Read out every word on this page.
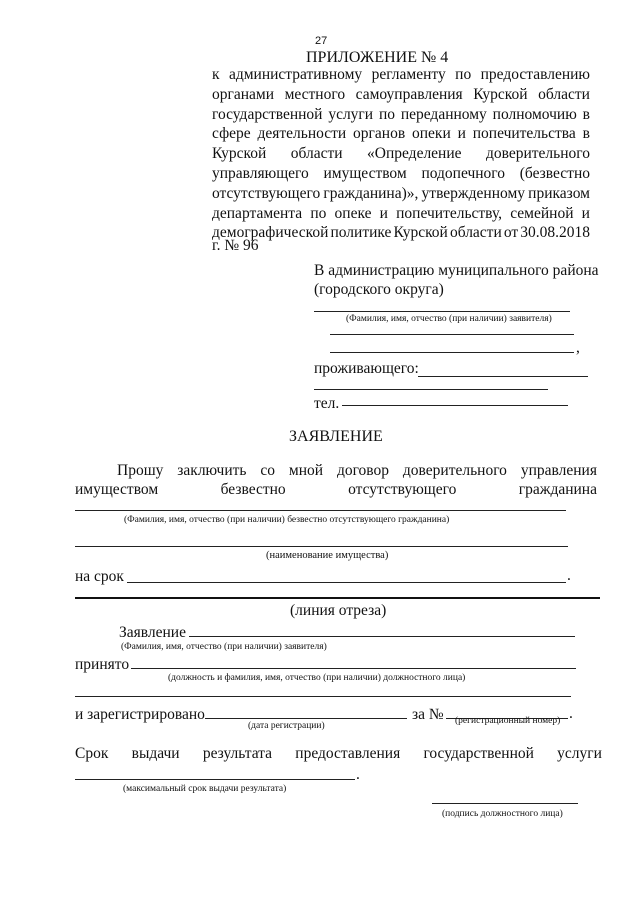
27
ПРИЛОЖЕНИЕ № 4
к административному регламенту по предоставлению
органами местного самоуправления Курской области
государственной услуги по переданному полномочию в
сфере деятельности органов опеки и попечительства в
Курской области «Определение доверительного
управляющего имуществом подопечного (безвестно
отсутствующего гражданина)», утвержденному приказом
департамента по опеке и попечительству, семейной и
демографической политике Курской области от 30.08.2018
г. № 96
В администрацию муниципального района
(городского округа)
(Фамилия, имя, отчество (при наличии) заявителя)
,
проживающего:
тел.
ЗАЯВЛЕНИЕ
Прошу заключить со мной договор доверительного управления
имуществом	безвестно	отсутствующего	гражданина
(Фамилия, имя, отчество (при наличии) безвестно отсутствующего гражданина)
(наименование имущества)
на срок	.
(линия отреза)
Заявление
(Фамилия, имя, отчество (при наличии) заявителя)
принято
(должность и фамилия, имя, отчество (при наличии) должностного лица)
и зарегистрировано
(дата регистрации)
за №	.
(регистрационный номер)
Срок выдачи результата предоставления государственной услуги
.
(максимальный срок выдачи результата)
(подпись должностного лица)
